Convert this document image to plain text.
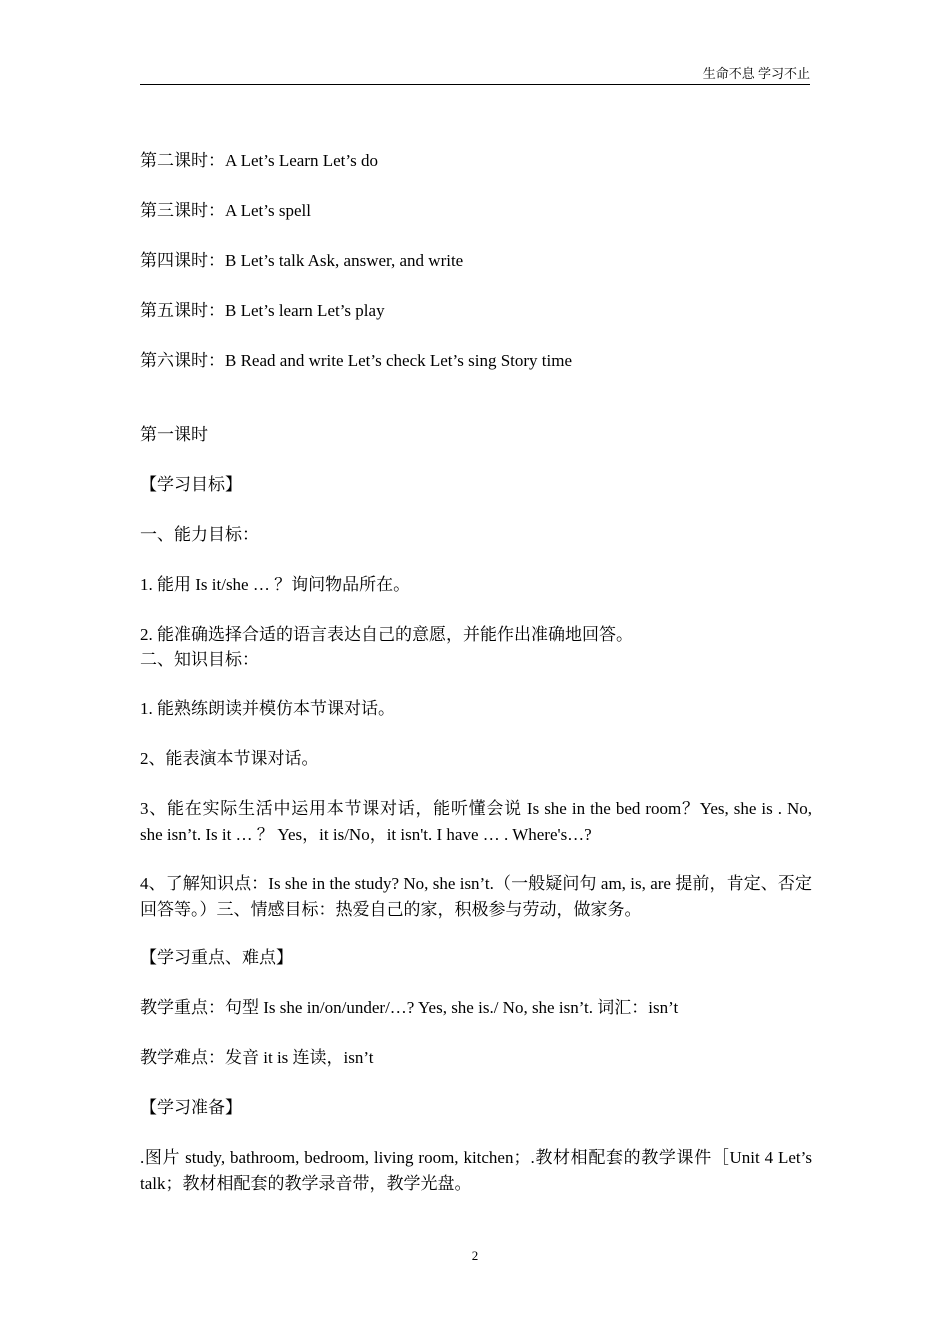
生命不息 学习不止
第二课时：A Let’s Learn Let’s do
第三课时：A Let’s spell
第四课时：B Let’s talk Ask, answer, and write
第五课时：B Let’s learn Let’s play
第六课时：B Read and write Let’s check Let’s sing Story time
第一课时
【学习目标】
一、能力目标：
1. 能用 Is it/she … ？询问物品所在。
2. 能准确选择合适的语言表达自己的意愿，并能作出准确地回答。
二、知识目标：
1. 能熟练朗读并模仿本节课对话。
2、能表演本节课对话。
3、能在实际生活中运用本节课对话，能听懂会说 Is she in the bed room？Yes, she is . No, she isn’t. Is it … ？ Yes，it is/No，it isn't. I have … . Where's…?
4、了解知识点：Is she in the study? No, she isn’t.（一般疑问句 am, is, are 提前，肯定、否定回答等。）三、情感目标：热爱自己的家，积极参与劳动，做家务。
【学习重点、难点】
教学重点：句型 Is she in/on/under/…? Yes, she is./ No, she isn’t. 词汇：isn’t
教学难点：发音 it is 连读，isn’t
【学习准备】
.图片 study, bathroom, bedroom, living room, kitchen；.教材相配套的教学课件［Unit 4 Let’s talk；教材相配套的教学录音带，教学光盘。
2
